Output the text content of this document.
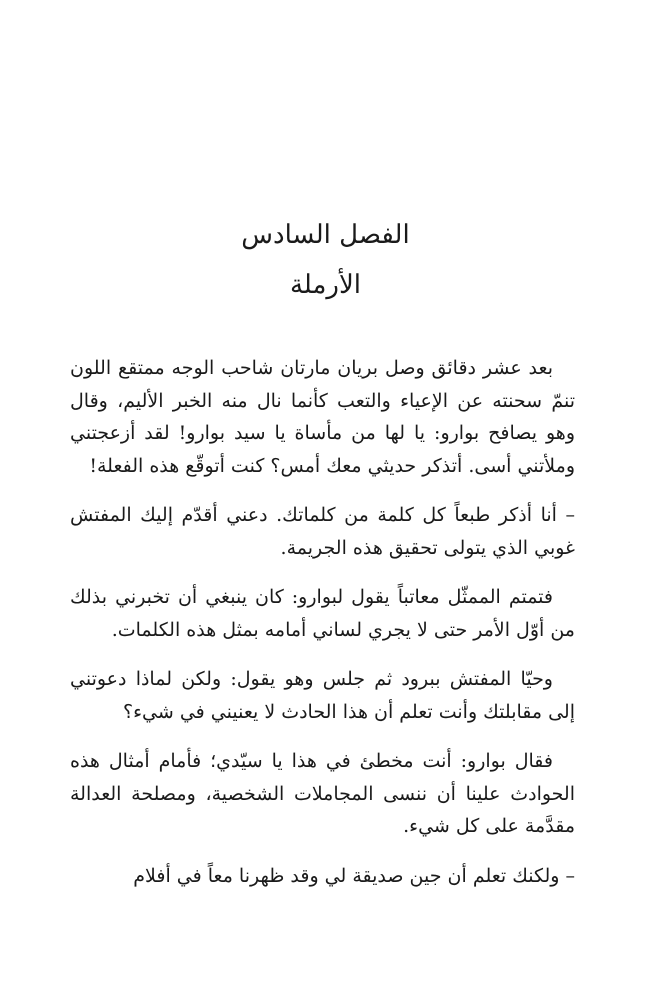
الفصل السادس
الأرملة

بعد عشر دقائق وصل بريان مارتان شاحب الوجه ممتقع اللون تنمّ سحنته عن الإعياء والتعب كأنما نال منه الخبر الأليم، وقال وهو يصافح بوارو: يا لها من مأساة يا سيد بوارو! لقد أزعجتني وملأتني أسى. أتذكر حديثي معك أمس؟ كنت أتوقّع هذه الفعلة!

– أنا أذكر طبعاً كل كلمة من كلماتك. دعني أقدّم إليك المفتش غوبي الذي يتولى تحقيق هذه الجريمة.

فتمتم الممثّل معاتباً يقول لبوارو: كان ينبغي أن تخبرني بذلك من أوّل الأمر حتى لا يجري لساني أمامه بمثل هذه الكلمات.

وحيّا المفتش ببرود ثم جلس وهو يقول: ولكن لماذا دعوتني إلى مقابلتك وأنت تعلم أن هذا الحادث لا يعنيني في شيء؟

فقال بوارو: أنت مخطئ في هذا يا سيّدي؛ فأمام أمثال هذه الحوادث علينا أن ننسى المجاملات الشخصية، ومصلحة العدالة مقدَّمة على كل شيء.

– ولكنك تعلم أن جين صديقة لي وقد ظهرنا معاً في أفلام
